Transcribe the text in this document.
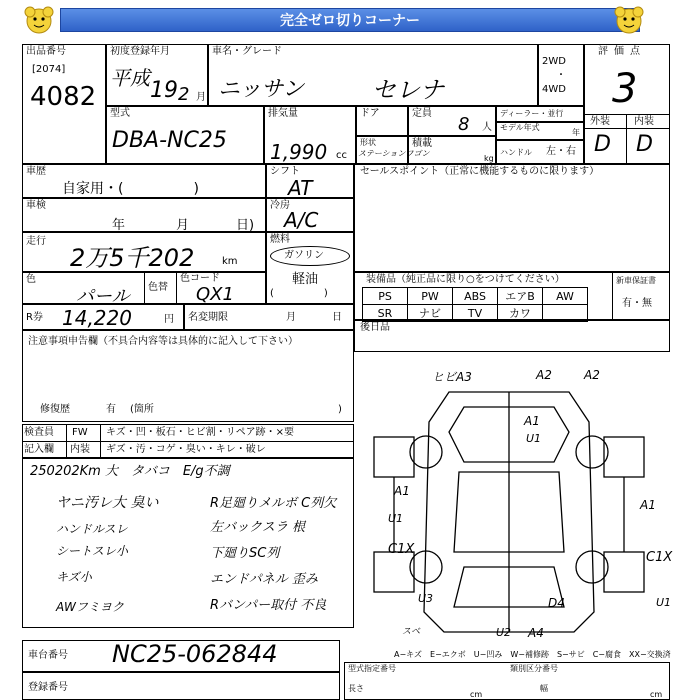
完全ゼロ切りコーナー
出品番号
[2074]
4082
初度登録年月
平成 19 2 月
車名・グレード
ニッサン	セレナ
2WD
・
4WD
評価点
3
外装 内装
D D
型式
DBA-NC25
排気量
1,990 cc
ドア	定員
8 人
ディーラー・並行
モデル年式
年
形状
ステーションワゴン
積載
kg
ハンドル 左・右
車歴
自家用・(　　　　　)
シフト
AT
車検
年	月	日)
冷房
A/C
走行
2万5千202	km
燃料
ガソリン
軽油
(　　　　　)
色
パール 色替
色コード
QX1
R券 14,220	円 名変期限	月	日
セールスポイント（正常に機能するものに限ります）
装備品（純正品に限り○をつけてください）
PS	PW	ABS	エアB	AW
SR	ナビ	TV	カワ	
新車保証書
有・無
後日品
注意事項申告欄（不具合内容等は具体的に記入して下さい）
修復歴	有 (箇所	)
検査員 FW キズ・凹・板石・ヒビ割・リペア跡・×要
記入欄 内装 ギズ・汚・コゲ・臭い・キレ・破レ
250202Km 大　タバコ　E/g不調
ヤニ汚レ大 臭い
ハンドルスレ
シートスレ小
キズ小
AWフミヨク
R足廻りメルボ C列欠
左バックスラ 根
下廻りSC列
エンドパネル 歪み
Rバンパー取付 不良
ヒビA3	A2	A2
A1
U1
A1
U1
A1
C1X
C1X
U3	D4
U2 A4
U1
スベ
A−キズ　E−エクボ　U−凹み　W−補修跡　S−サビ　C−腐食　XX−交換済
車台番号 NC25-062844
登録番号
型式指定番号	類別区分番号
長さ
cm
幅
cm
